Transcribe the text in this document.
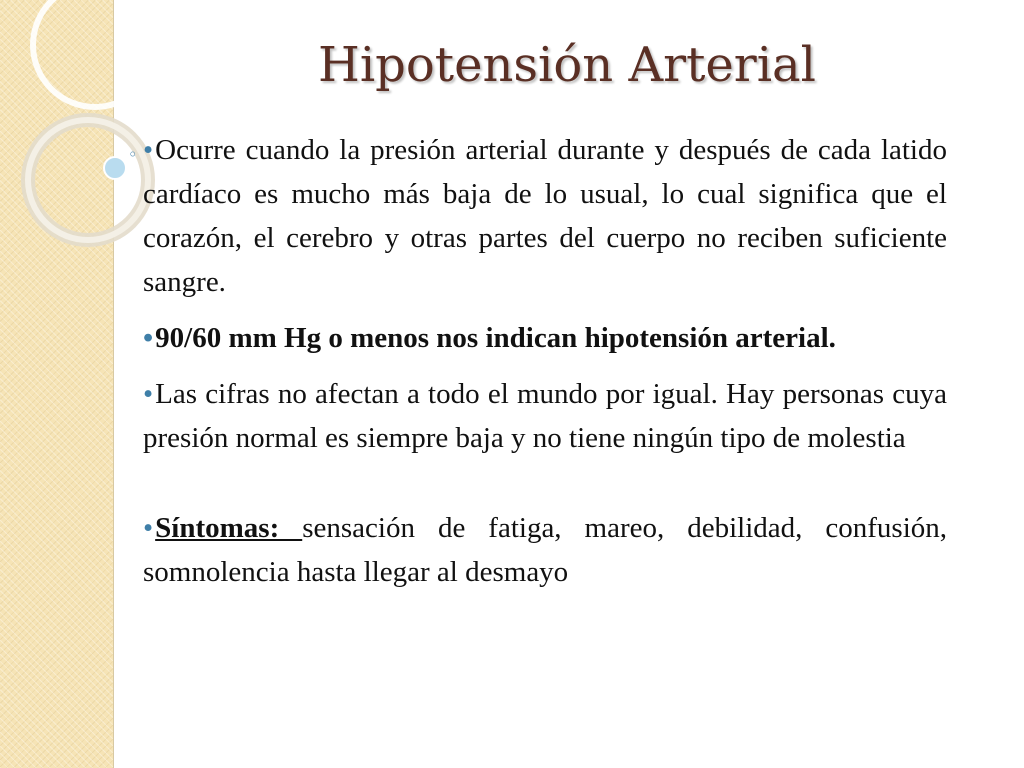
Hipotensión Arterial
◦ •Ocurre cuando la presión arterial durante y después de cada latido cardíaco es mucho más baja de lo usual, lo cual significa que el corazón, el cerebro y otras partes del cuerpo no reciben suficiente sangre.

•90/60 mm Hg o menos nos indican hipotensión arterial.

•Las cifras no afectan a todo el mundo por igual. Hay personas cuya presión normal es siempre baja y no tiene ningún tipo de molestia

•Síntomas: sensación de fatiga, mareo, debilidad, confusión, somnolencia hasta llegar al desmayo
